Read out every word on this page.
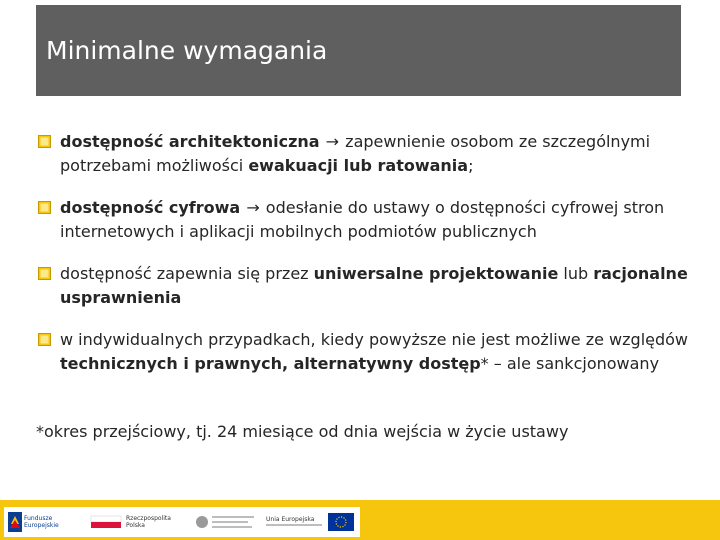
Minimalne wymagania
dostępność architektoniczna → zapewnienie osobom ze szczególnymi potrzebami możliwości ewakuacji lub ratowania;
dostępność cyfrowa → odesłanie do ustawy o dostępności cyfrowej stron internetowych i aplikacji mobilnych podmiotów publicznych
dostępność zapewnia się przez uniwersalne projektowanie lub racjonalne usprawnienia
w indywidualnych przypadkach, kiedy powyższe nie jest możliwe ze względów technicznych i prawnych, alternatywny dostęp* – ale sankcjonowany
*okres przejściowy, tj. 24 miesiące od dnia wejścia w życie ustawy
Fundusze
Europejskie
Rzeczpospolita
Polska
Unia Europejska
